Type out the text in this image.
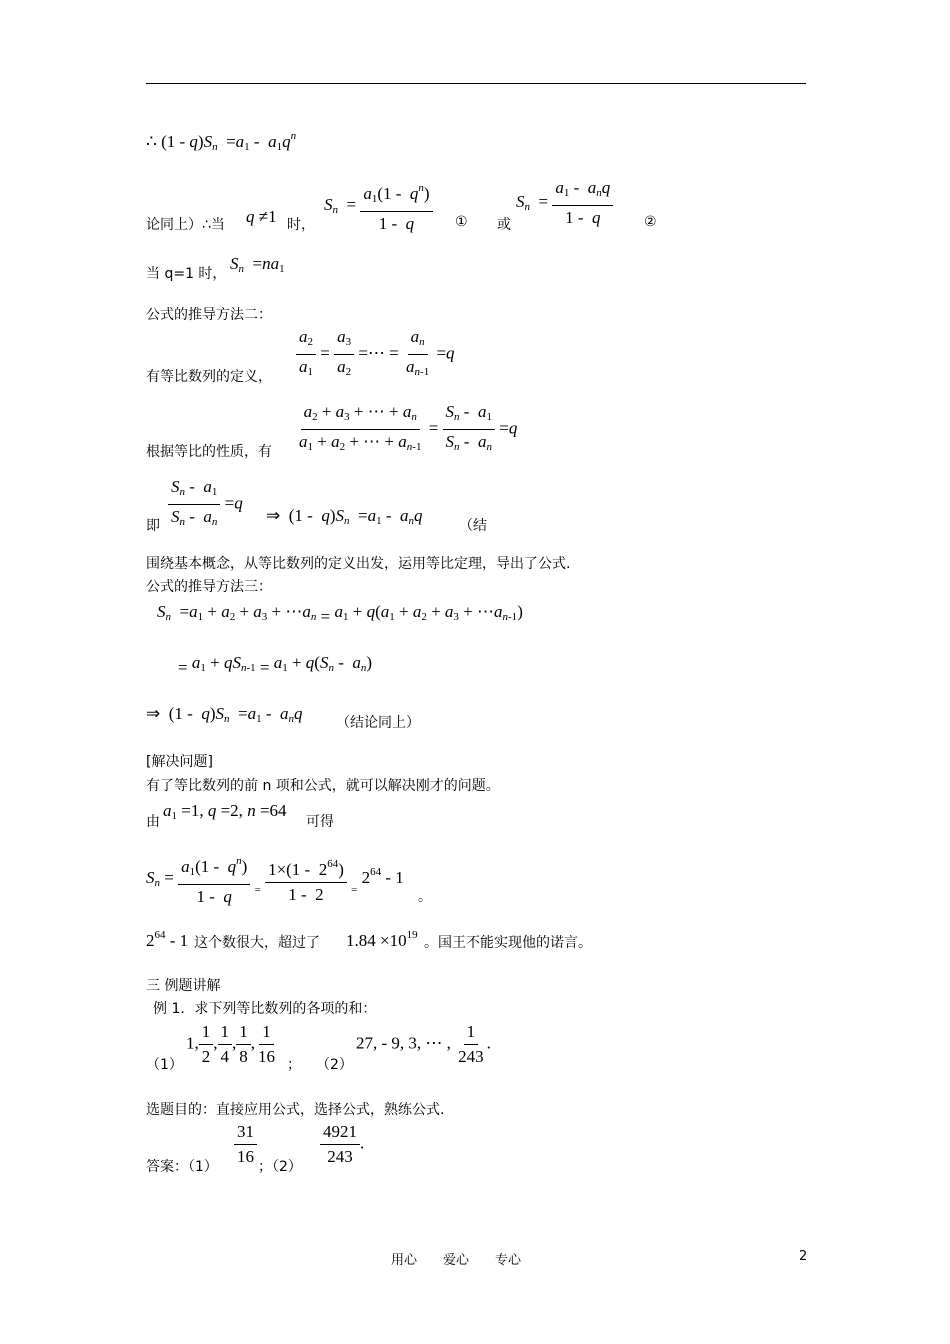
∴ $(1 - q)S_n =a_1 - a_1q^n$
论同上）∴当 q ≠1 时，
$S_n = \frac{a_1(1 - q^n)}{1 - q}$ ① 或
$S_n = \frac{a_1 - a_nq}{1 - q}$ ②
当 q=1 时，
$S_n =na_1$
公式的推导方法二：
有等比数列的定义， $\frac{a_2}{a_1} = \frac{a_3}{a_2}$ =⋯ = $\frac{a_n}{a_{n-1}} =q$
根据等比的性质，有 $\frac{a_2 + a_3 + \cdots + a_n}{a_1 + a_2 + \cdots + a_{n-1}} = \frac{S_n - a_1}{S_n - a_n} =q$
即 $\frac{S_n - a_1}{S_n - a_n} =q$
⇒  $(1 - q)S_n =a_1 - a_nq$
（结
围绕基本概念，从等比数列的定义出发，运用等比定理，导出了公式.
公式的推导方法三：
$S_n =a_1 + a_2 + a_3$ + $\cdots a_n = a_1 + q(a_1 + a_2 + a_3$ + $\cdots a_{n-1}$)
= $a_1 + qS_{n-1} = a_1 + q(S_n - a_n)$
⇒  $(1 - q)S_n =a_1 - a_nq$ （结论同上）
[解决问题]
有了等比数列的前 n 项和公式，就可以解决刚才的问题。
由
$a_1 =1$, q =2, n =64
可得
$S_n = \frac{a_1(1 - q^n)}{1 - q} _= \frac{1\times(1 - 2^{64})}{1 - 2} _=$ $2^{64} - 1$
。
$2^{64} - 1$ 这个数很大，超过了 $1.84 \times 10^{19}$ 。国王不能实现他的诺言。
三 例题讲解
例 1．求下列等比数列的各项的和：
（1）
1, $\frac{1}{2}$ , $\frac{1}{4}$ , $\frac{1}{8}$ , $\frac{1}{16}$ ； （2）
27, - 9, 3, ⋯ , $\frac{1}{243}$ .
选题目的：直接应用公式，选择公式，熟练公式.
答案：$(1) \frac{31}{16}$ ；$(2) \frac{4921}{243}$ .
用心　　爱心　　专心	2
